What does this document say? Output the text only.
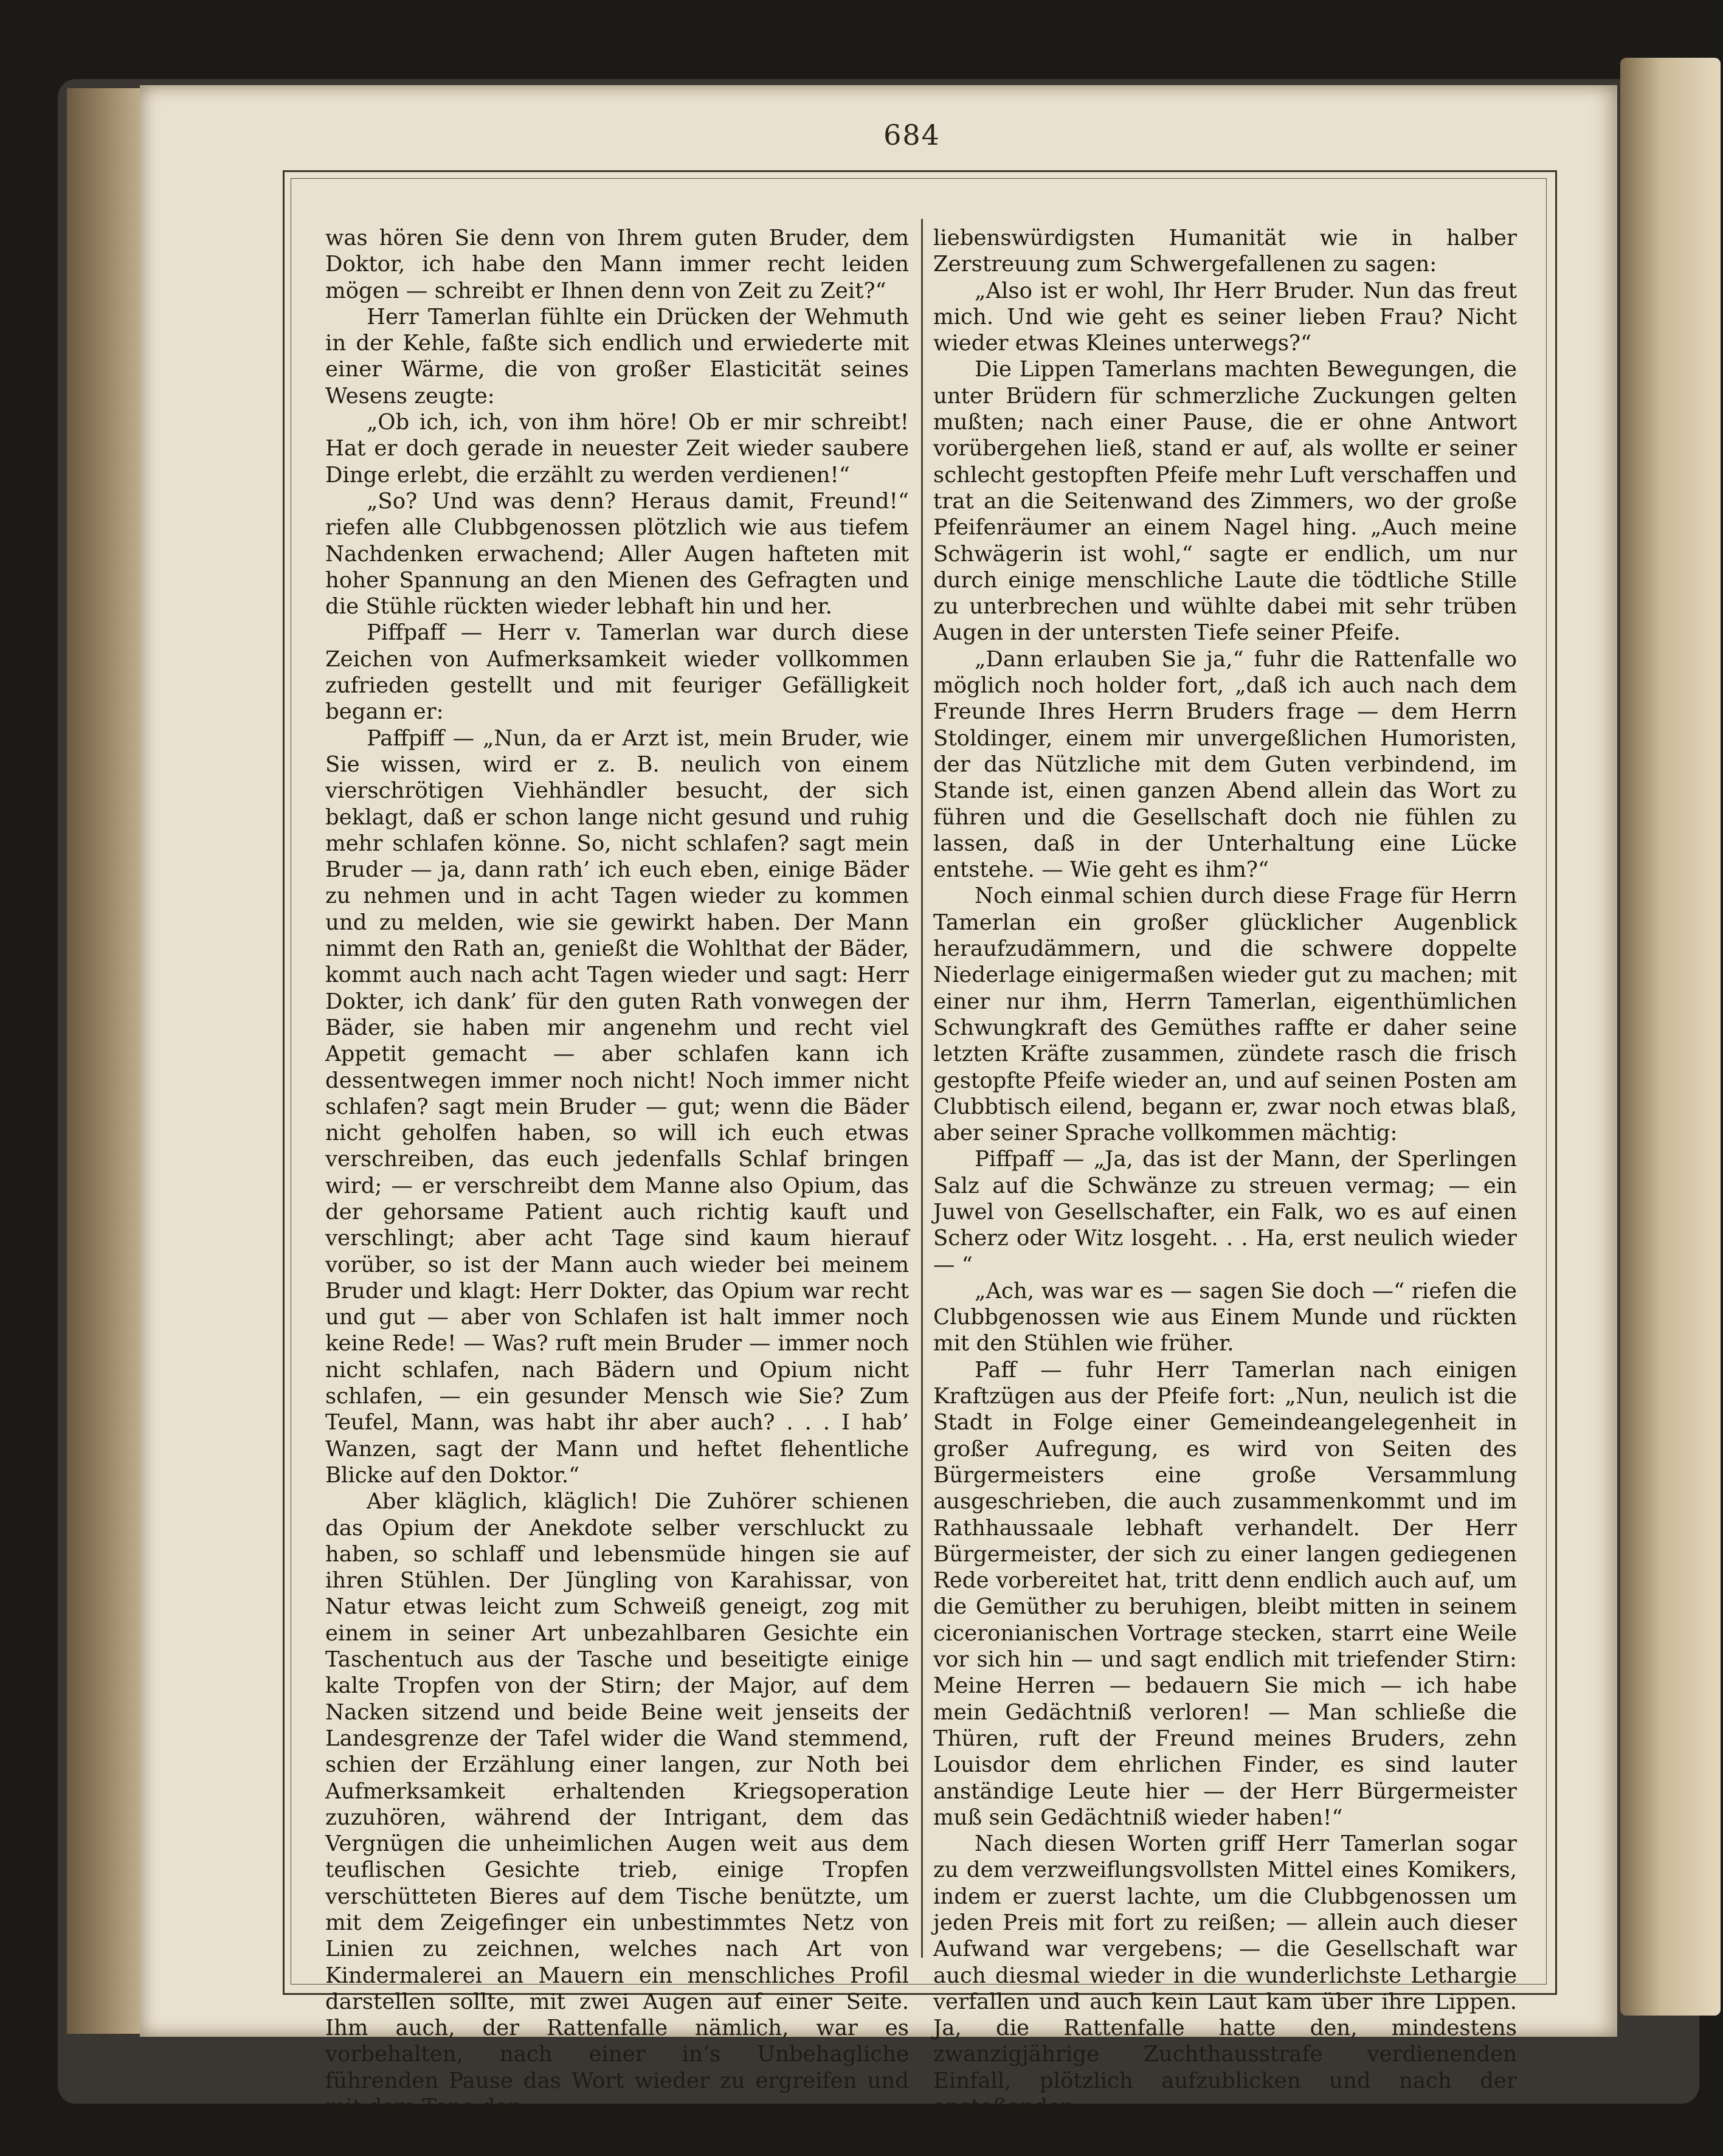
684

was hören Sie denn von Ihrem guten Bruder, dem Doktor, ich habe den Mann immer recht leiden mögen — schreibt er Ihnen denn von Zeit zu Zeit?“

Herr Tamerlan fühlte ein Drücken der Wehmuth in der Kehle, faßte sich endlich und erwiederte mit einer Wärme, die von großer Elasticität seines Wesens zeugte:

„Ob ich, ich, von ihm höre! Ob er mir schreibt! Hat er doch gerade in neuester Zeit wieder saubere Dinge erlebt, die erzählt zu werden verdienen!“

„So? Und was denn? Heraus damit, Freund!“ riefen alle Clubbgenossen plötzlich wie aus tiefem Nachdenken erwachend; Aller Augen hafteten mit hoher Spannung an den Mienen des Gefragten und die Stühle rückten wieder lebhaft hin und her.

Piffpaff — Herr v. Tamerlan war durch diese Zeichen von Aufmerksamkeit wieder vollkommen zufrieden gestellt und mit feuriger Gefälligkeit begann er:

Paffpiff — „Nun, da er Arzt ist, mein Bruder, wie Sie wissen, wird er z. B. neulich von einem vierschrötigen Viehhändler besucht, der sich beklagt, daß er schon lange nicht gesund und ruhig mehr schlafen könne. So, nicht schlafen? sagt mein Bruder — ja, dann rath’ ich euch eben, einige Bäder zu nehmen und in acht Tagen wieder zu kommen und zu melden, wie sie gewirkt haben. Der Mann nimmt den Rath an, genießt die Wohlthat der Bäder, kommt auch nach acht Tagen wieder und sagt: Herr Dokter, ich dank’ für den guten Rath vonwegen der Bäder, sie haben mir angenehm und recht viel Appetit gemacht — aber schlafen kann ich dessentwegen immer noch nicht! Noch immer nicht schlafen? sagt mein Bruder — gut; wenn die Bäder nicht geholfen haben, so will ich euch etwas verschreiben, das euch jedenfalls Schlaf bringen wird; — er verschreibt dem Manne also Opium, das der gehorsame Patient auch richtig kauft und verschlingt; aber acht Tage sind kaum hierauf vorüber, so ist der Mann auch wieder bei meinem Bruder und klagt: Herr Dokter, das Opium war recht und gut — aber von Schlafen ist halt immer noch keine Rede! — Was? ruft mein Bruder — immer noch nicht schlafen, nach Bädern und Opium nicht schlafen, — ein gesunder Mensch wie Sie? Zum Teufel, Mann, was habt ihr aber auch? . . . I hab’ Wanzen, sagt der Mann und heftet flehentliche Blicke auf den Doktor.“

Aber kläglich, kläglich! Die Zuhörer schienen das Opium der Anekdote selber verschluckt zu haben, so schlaff und lebensmüde hingen sie auf ihren Stühlen. Der Jüngling von Karahissar, von Natur etwas leicht zum Schweiß geneigt, zog mit einem in seiner Art unbezahlbaren Gesichte ein Taschentuch aus der Tasche und beseitigte einige kalte Tropfen von der Stirn; der Major, auf dem Nacken sitzend und beide Beine weit jenseits der Landesgrenze der Tafel wider die Wand stemmend, schien der Erzählung einer langen, zur Noth bei Aufmerksamkeit erhaltenden Kriegsoperation zuzuhören, während der Intrigant, dem das Vergnügen die unheimlichen Augen weit aus dem teuflischen Gesichte trieb, einige Tropfen verschütteten Bieres auf dem Tische benützte, um mit dem Zeigefinger ein unbestimmtes Netz von Linien zu zeichnen, welches nach Art von Kindermalerei an Mauern ein menschliches Profil darstellen sollte, mit zwei Augen auf einer Seite. Ihm auch, der Rattenfalle nämlich, war es vorbehalten, nach einer in’s Unbehagliche führenden Pause das Wort wieder zu ergreifen und mit dem Tone der

liebenswürdigsten Humanität wie in halber Zerstreuung zum Schwergefallenen zu sagen:

„Also ist er wohl, Ihr Herr Bruder. Nun das freut mich. Und wie geht es seiner lieben Frau? Nicht wieder etwas Kleines unterwegs?“

Die Lippen Tamerlans machten Bewegungen, die unter Brüdern für schmerzliche Zuckungen gelten mußten; nach einer Pause, die er ohne Antwort vorübergehen ließ, stand er auf, als wollte er seiner schlecht gestopften Pfeife mehr Luft verschaffen und trat an die Seitenwand des Zimmers, wo der große Pfeifenräumer an einem Nagel hing. „Auch meine Schwägerin ist wohl,“ sagte er endlich, um nur durch einige menschliche Laute die tödtliche Stille zu unterbrechen und wühlte dabei mit sehr trüben Augen in der untersten Tiefe seiner Pfeife.

„Dann erlauben Sie ja,“ fuhr die Rattenfalle wo möglich noch holder fort, „daß ich auch nach dem Freunde Ihres Herrn Bruders frage — dem Herrn Stoldinger, einem mir unvergeßlichen Humoristen, der das Nützliche mit dem Guten verbindend, im Stande ist, einen ganzen Abend allein das Wort zu führen und die Gesellschaft doch nie fühlen zu lassen, daß in der Unterhaltung eine Lücke entstehe. — Wie geht es ihm?“

Noch einmal schien durch diese Frage für Herrn Tamerlan ein großer glücklicher Augenblick heraufzudämmern, und die schwere doppelte Niederlage einigermaßen wieder gut zu machen; mit einer nur ihm, Herrn Tamerlan, eigenthümlichen Schwungkraft des Gemüthes raffte er daher seine letzten Kräfte zusammen, zündete rasch die frisch gestopfte Pfeife wieder an, und auf seinen Posten am Clubbtisch eilend, begann er, zwar noch etwas blaß, aber seiner Sprache vollkommen mächtig:

Piffpaff — „Ja, das ist der Mann, der Sperlingen Salz auf die Schwänze zu streuen vermag; — ein Juwel von Gesellschafter, ein Falk, wo es auf einen Scherz oder Witz losgeht. . . Ha, erst neulich wieder — “

„Ach, was war es — sagen Sie doch —“ riefen die Clubbgenossen wie aus Einem Munde und rückten mit den Stühlen wie früher.

Paff — fuhr Herr Tamerlan nach einigen Kraftzügen aus der Pfeife fort: „Nun, neulich ist die Stadt in Folge einer Gemeindeangelegenheit in großer Aufregung, es wird von Seiten des Bürgermeisters eine große Versammlung ausgeschrieben, die auch zusammenkommt und im Rathhaussaale lebhaft verhandelt. Der Herr Bürgermeister, der sich zu einer langen gediegenen Rede vorbereitet hat, tritt denn endlich auch auf, um die Gemüther zu beruhigen, bleibt mitten in seinem ciceronianischen Vortrage stecken, starrt eine Weile vor sich hin — und sagt endlich mit triefender Stirn: Meine Herren — bedauern Sie mich — ich habe mein Gedächtniß verloren! — Man schließe die Thüren, ruft der Freund meines Bruders, zehn Louisdor dem ehrlichen Finder, es sind lauter anständige Leute hier — der Herr Bürgermeister muß sein Gedächtniß wieder haben!“

Nach diesen Worten griff Herr Tamerlan sogar zu dem verzweiflungsvollsten Mittel eines Komikers, indem er zuerst lachte, um die Clubbgenossen um jeden Preis mit fort zu reißen; — allein auch dieser Aufwand war vergebens; — die Gesellschaft war auch diesmal wieder in die wunderlichste Lethargie verfallen und auch kein Laut kam über ihre Lippen. Ja, die Rattenfalle hatte den, mindestens zwanzigjährige Zuchthausstrafe verdienenden Einfall, plötzlich aufzublicken und nach der anstoßenden
